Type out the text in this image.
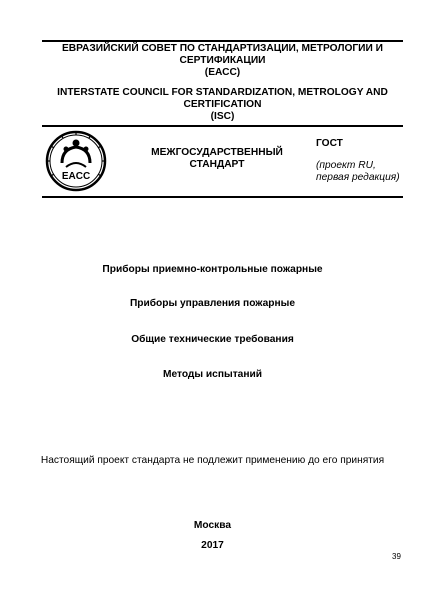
ЕВРАЗИЙСКИЙ СОВЕТ ПО СТАНДАРТИЗАЦИИ, МЕТРОЛОГИИ И
СЕРТИФИКАЦИИ
(ЕАСС)
INTERSTATE COUNCIL FOR STANDARDIZATION, METROLOGY AND
CERTIFICATION
(ISC)
EACC
МЕЖГОСУДАРСТВЕННЫЙ
СТАНДАРТ
ГОСТ
(проект RU,
первая редакция)
Приборы приемно-контрольные пожарные
Приборы управления пожарные
Общие технические требования
Методы испытаний
Настоящий проект стандарта не подлежит применению до его принятия
Москва
2017
39
